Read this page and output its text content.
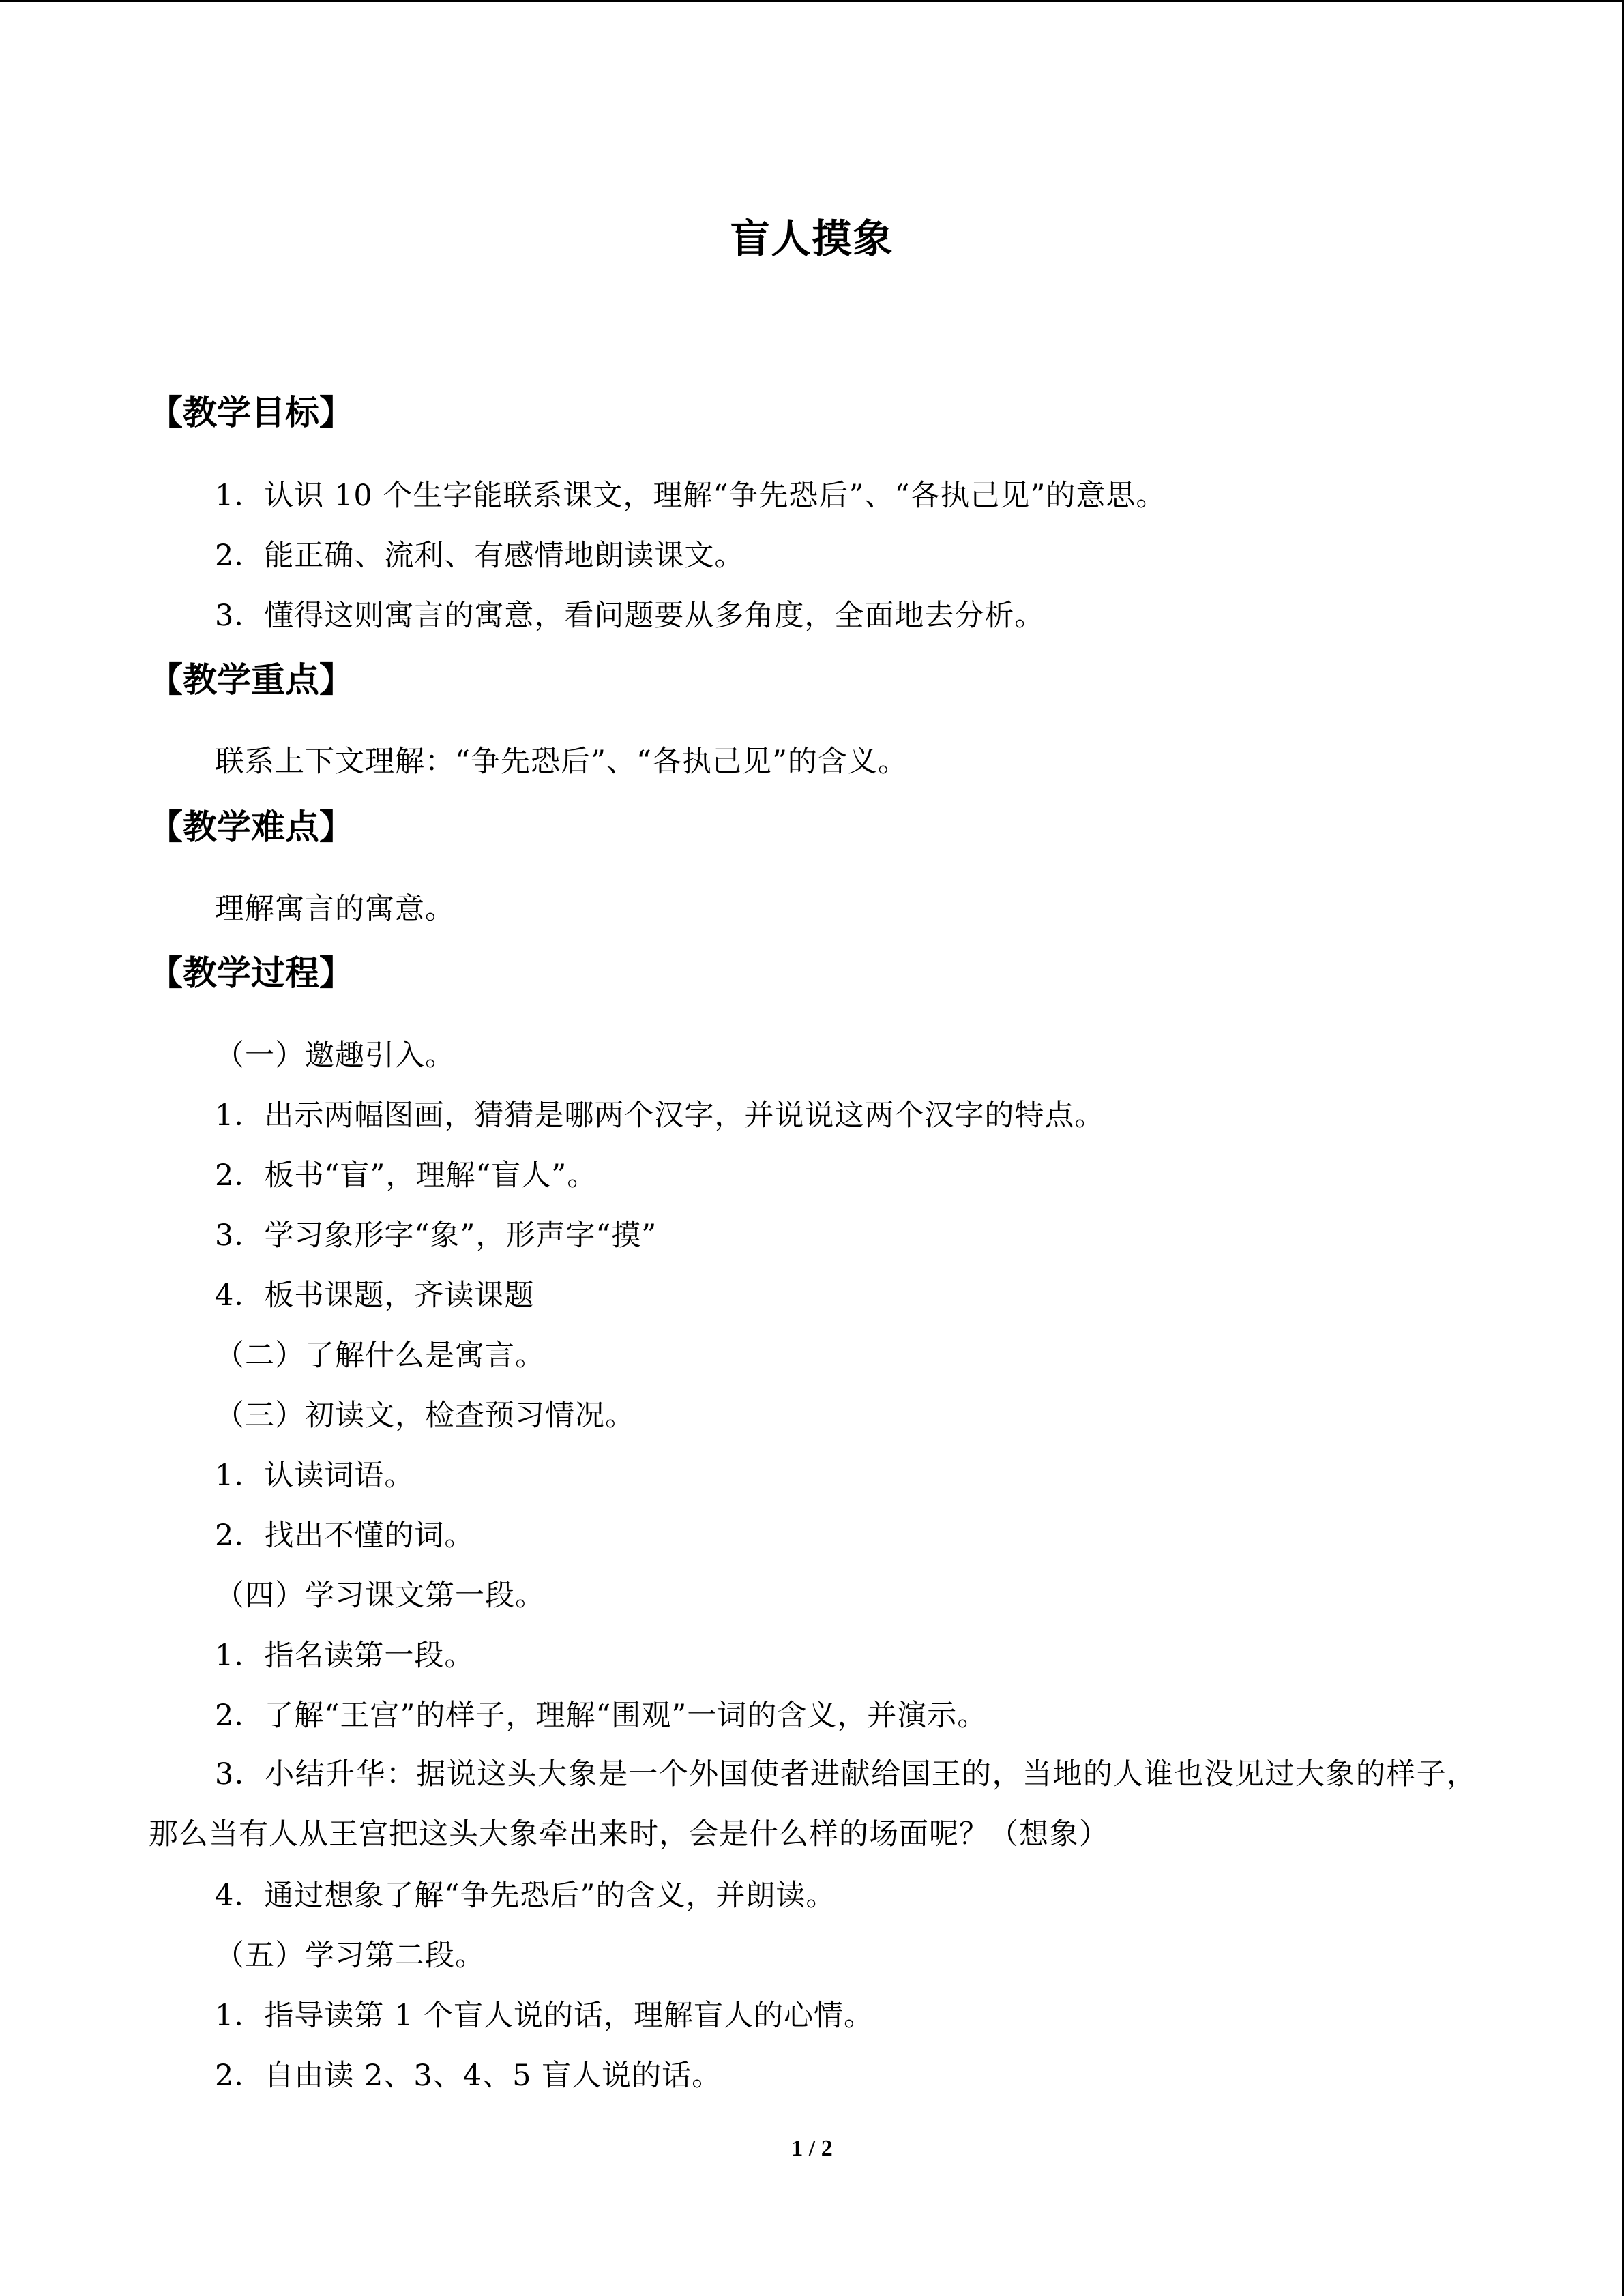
盲人摸象
【教学目标】
1．认识 10 个生字能联系课文，理解“争先恐后”、“各执己见”的意思。
2．能正确、流利、有感情地朗读课文。
3．懂得这则寓言的寓意，看问题要从多角度，全面地去分析。
【教学重点】
联系上下文理解：“争先恐后”、“各执己见”的含义。
【教学难点】
理解寓言的寓意。
【教学过程】
（一）邀趣引入。
1．出示两幅图画，猜猜是哪两个汉字，并说说这两个汉字的特点。
2．板书“盲”，理解“盲人”。
3．学习象形字“象”，形声字“摸”
4．板书课题，齐读课题
（二）了解什么是寓言。
（三）初读文，检查预习情况。
1．认读词语。
2．找出不懂的词。
（四）学习课文第一段。
1．指名读第一段。
2．了解“王宫”的样子，理解“围观”一词的含义，并演示。
3．小结升华：据说这头大象是一个外国使者进献给国王的，当地的人谁也没见过大象的样子，那么当有人从王宫把这头大象牵出来时，会是什么样的场面呢？（想象）
4．通过想象了解“争先恐后”的含义，并朗读。
（五）学习第二段。
1．指导读第 1 个盲人说的话，理解盲人的心情。
2．自由读 2、3、4、5 盲人说的话。
1 / 2
